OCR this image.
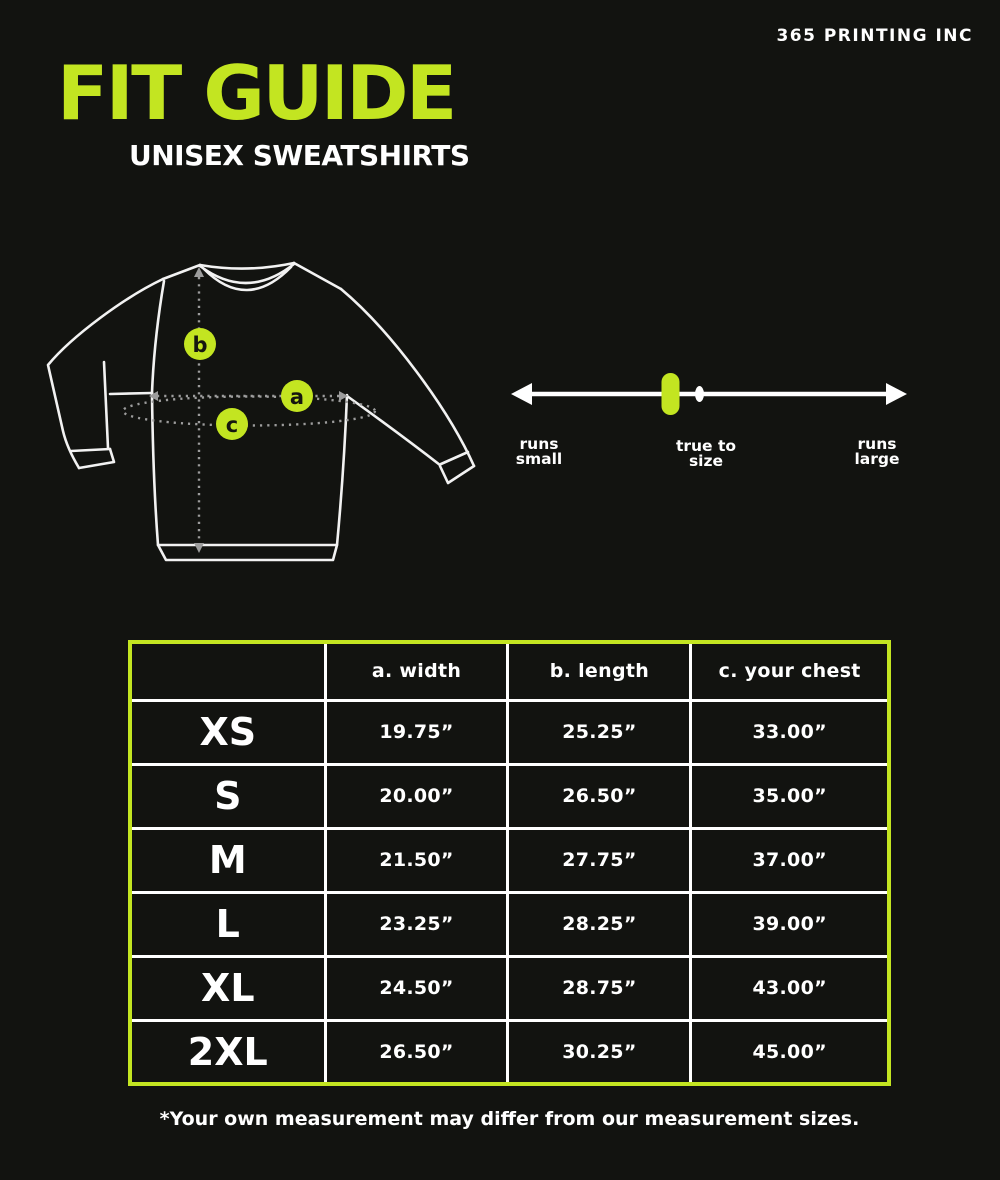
365 PRINTING INC
FIT GUIDE
UNISEX SWEATSHIRTS
b
a
c
runs
small
true to
size
runs
large
	a. width	b. length	c. your chest
XS	19.75”	25.25”	33.00”
S	20.00”	26.50”	35.00”
M	21.50”	27.75”	37.00”
L	23.25”	28.25”	39.00”
XL	24.50”	28.75”	43.00”
2XL	26.50”	30.25”	45.00”
*Your own measurement may differ from our measurement sizes.
